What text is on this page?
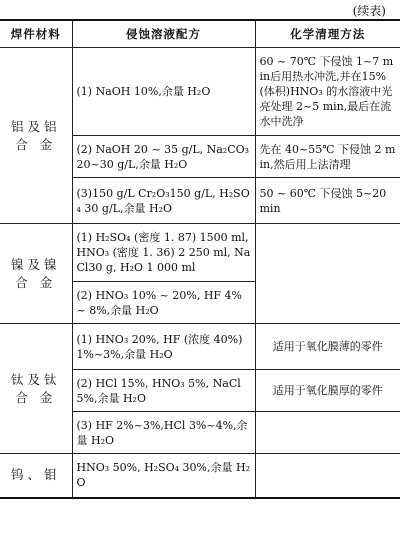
(续表)
焊件材料	侵蚀溶液配方	化学清理方法
铝及铝
合 金	(1) NaOH 10%,余量 H₂O	60 ~ 70℃ 下侵蚀 1~7 min后用热水冲洗,并在15%(体积)HNO₃ 的水溶液中光亮处理 2~5 min,最后在流水中洗净
	(2) NaOH 20 ~ 35 g/L, Na₂CO₃ 20~30 g/L,余量 H₂O	先在 40~55℃ 下侵蚀 2 min,然后用上法清理
	(3)150 g/L Cr₂O₃150 g/L, H₂SO₄ 30 g/L,余量 H₂O	50 ~ 60℃ 下侵蚀 5~20 min
镍及镍
合 金	(1) H₂SO₄ (密度 1. 87) 1500 ml, HNO₃ (密度 1. 36) 2 250 ml, NaCl30 g, H₂O 1 000 ml	
	(2) HNO₃ 10% ~ 20%, HF 4% ~ 8%,余量 H₂O	
钛及钛
合 金	(1) HNO₃ 20%, HF (浓度 40%)1%~3%,余量 H₂O	适用于氧化膜薄的零件
	(2) HCl 15%, HNO₃ 5%, NaCl 5%,余量 H₂O	适用于氧化膜厚的零件
	(3) HF 2%~3%,HCl 3%~4%,余量 H₂O	
钨、钼	HNO₃ 50%, H₂SO₄ 30%,余量 H₂O	
